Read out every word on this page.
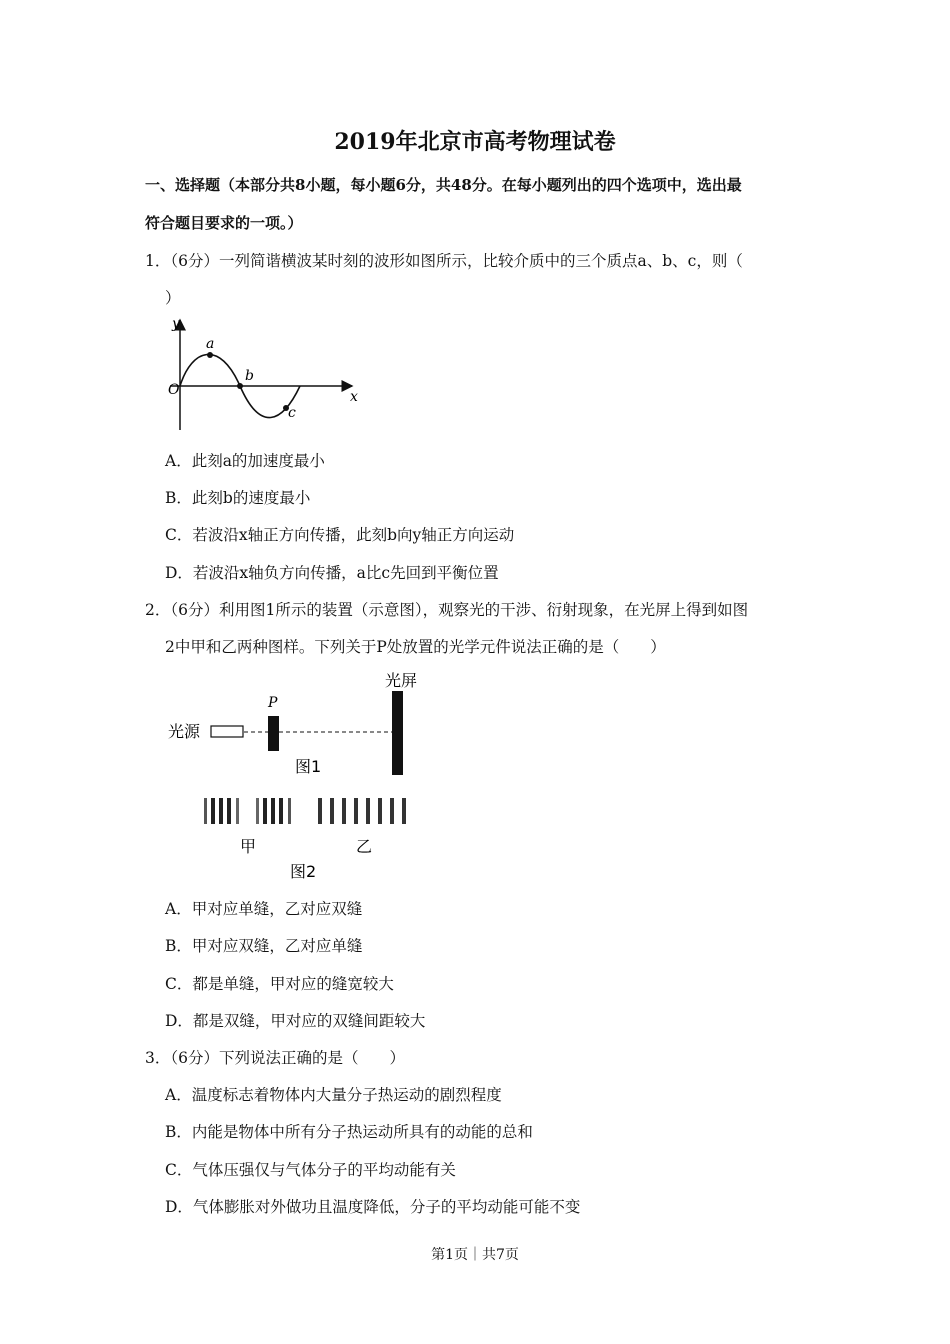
2019年北京市高考物理试卷
一、选择题（本部分共8小题，每小题6分，共48分。在每小题列出的四个选项中，选出最
符合题目要求的一项。）
1．（6分）一列简谐横波某时刻的波形如图所示，比较介质中的三个质点a、b、c，则（
）
y
x
O
a
b
c
A．此刻a的加速度最小
B．此刻b的速度最小
C．若波沿x轴正方向传播，此刻b向y轴正方向运动
D．若波沿x轴负方向传播，a比c先回到平衡位置
2．（6分）利用图1所示的装置（示意图），观察光的干涉、衍射现象，在光屏上得到如图
2中甲和乙两种图样。下列关于P处放置的光学元件说法正确的是（　　）
光屏
P
光源
图1
甲	乙
图2
A．甲对应单缝，乙对应双缝
B．甲对应双缝，乙对应单缝
C．都是单缝，甲对应的缝宽较大
D．都是双缝，甲对应的双缝间距较大
3．（6分）下列说法正确的是（　　）
A．温度标志着物体内大量分子热运动的剧烈程度
B．内能是物体中所有分子热运动所具有的动能的总和
C．气体压强仅与气体分子的平均动能有关
D．气体膨胀对外做功且温度降低，分子的平均动能可能不变
第1页｜共7页
